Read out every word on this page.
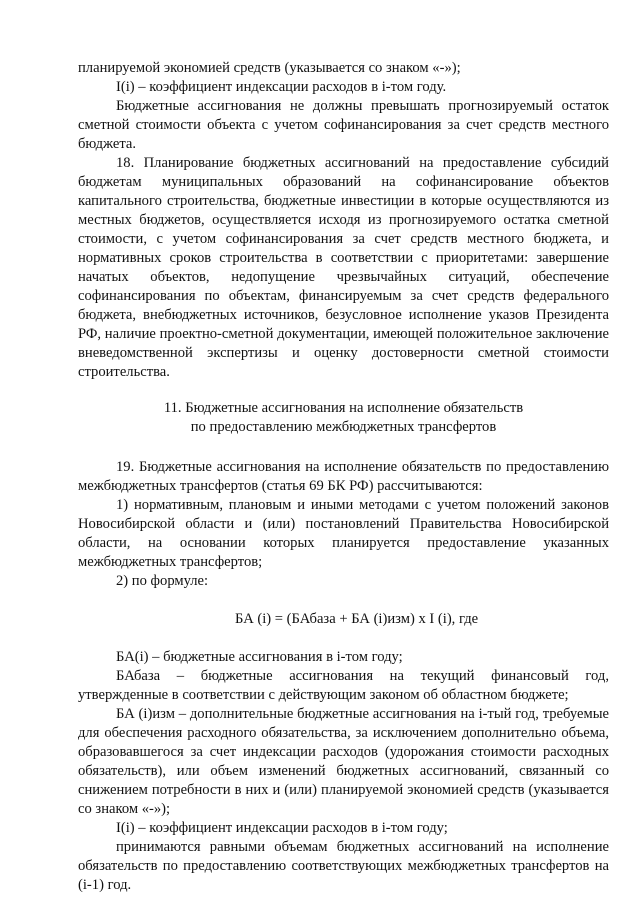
планируемой экономией средств (указывается со знаком «-»);

I(i) – коэффициент индексации расходов в i-том году.

Бюджетные ассигнования не должны превышать прогнозируемый остаток сметной стоимости объекта с учетом софинансирования за счет средств местного бюджета.

18. Планирование бюджетных ассигнований на предоставление субсидий бюджетам муниципальных образований на софинансирование объектов капитального строительства, бюджетные инвестиции в которые осуществляются из местных бюджетов, осуществляется исходя из прогнозируемого остатка сметной стоимости, с учетом софинансирования за счет средств местного бюджета, и нормативных сроков строительства в соответствии с приоритетами: завершение начатых объектов, недопущение чрезвычайных ситуаций, обеспечение софинансирования по объектам, финансируемым за счет средств федерального бюджета, внебюджетных источников, безусловное исполнение указов Президента РФ, наличие проектно-сметной документации, имеющей положительное заключение вневедомственной экспертизы и оценку достоверности сметной стоимости строительства.

11. Бюджетные ассигнования на исполнение обязательств

по предоставлению межбюджетных трансфертов

19. Бюджетные ассигнования на исполнение обязательств по предоставлению межбюджетных трансфертов (статья 69 БК РФ) рассчитываются:

1) нормативным, плановым и иными методами с учетом положений законов Новосибирской области и (или) постановлений Правительства Новосибирской области, на основании которых планируется предоставление указанных межбюджетных трансфертов;

2) по формуле:

БА (i) = (БАбаза + БА (i)изм) x I (i), где

БА(i) – бюджетные ассигнования в i-том году;

БАбаза – бюджетные ассигнования на текущий финансовый год, утвержденные в соответствии с действующим законом об областном бюджете;

БА (i)изм – дополнительные бюджетные ассигнования на i-тый год, требуемые для обеспечения расходного обязательства, за исключением дополнительно объема, образовавшегося за счет индексации расходов (удорожания стоимости расходных обязательств), или объем изменений бюджетных ассигнований, связанный со снижением потребности в них и (или) планируемой экономией средств (указывается со знаком «-»);

I(i) – коэффициент индексации расходов в i-том году;

принимаются равными объемам бюджетных ассигнований на исполнение обязательств по предоставлению соответствующих межбюджетных трансфертов на (i-1) год.
